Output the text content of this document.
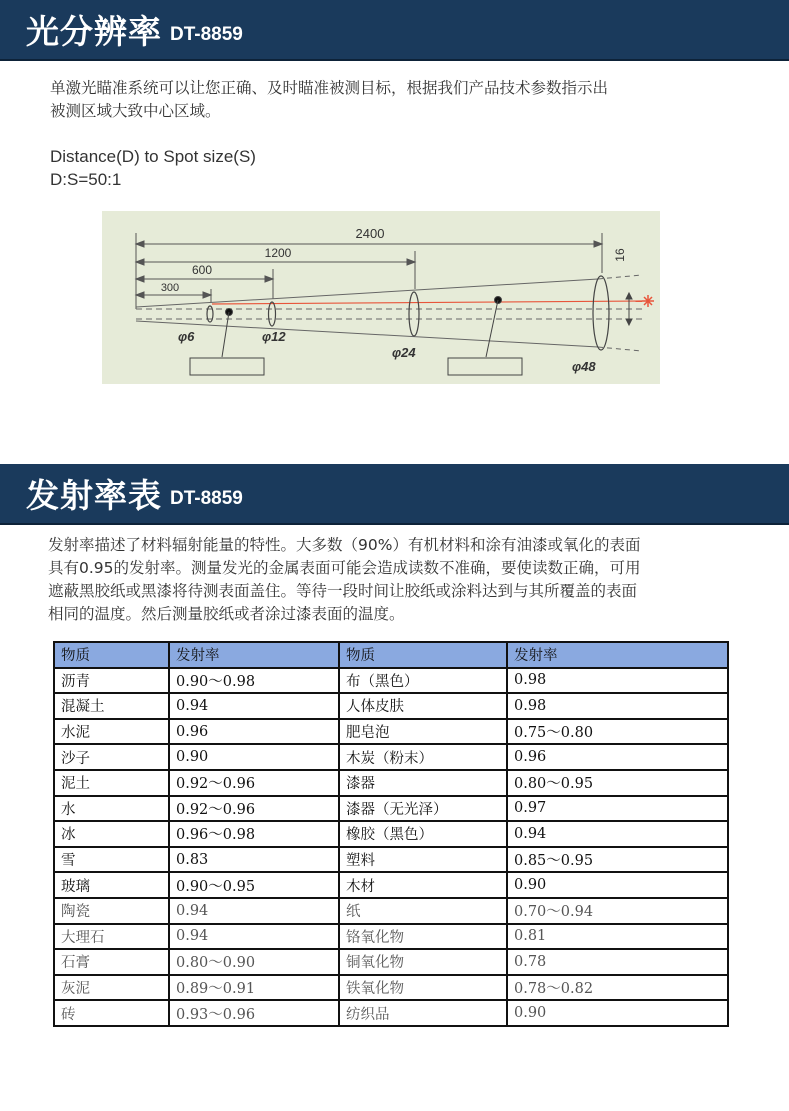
光分辨率 DT-8859
单激光瞄准系统可以让您正确、及时瞄准被测目标，根据我们产品技术参数指示出
被测区域大致中心区域。
Distance(D) to Spot size(S)
D:S=50:1
2400
1200
600
300
φ6	φ12
φ24
φ48
16
发射率表 DT-8859
发射率描述了材料辐射能量的特性。大多数（90%）有机材料和涂有油漆或氧化的表面
具有0.95的发射率。测量发光的金属表面可能会造成读数不准确，要使读数正确，可用
遮蔽黑胶纸或黑漆将待测表面盖住。等待一段时间让胶纸或涂料达到与其所覆盖的表面
相同的温度。然后测量胶纸或者涂过漆表面的温度。
物质	发射率	物质	发射率
沥青	0.90～0.98	布（黑色）	0.98
混凝土	0.94	人体皮肤	0.98
水泥	0.96	肥皂泡	0.75～0.80
沙子	0.90	木炭（粉末）	0.96
泥土	0.92～0.96	漆器	0.80～0.95
水	0.92～0.96	漆器（无光泽）	0.97
冰	0.96～0.98	橡胶（黑色）	0.94
雪	0.83	塑料	0.85～0.95
玻璃	0.90～0.95	木材	0.90
陶瓷	0.94	纸	0.70～0.94
大理石	0.94	铬氧化物	0.81
石膏	0.80～0.90	铜氧化物	0.78
灰泥	0.89～0.91	铁氧化物	0.78～0.82
砖	0.93～0.96	纺织品	0.90
